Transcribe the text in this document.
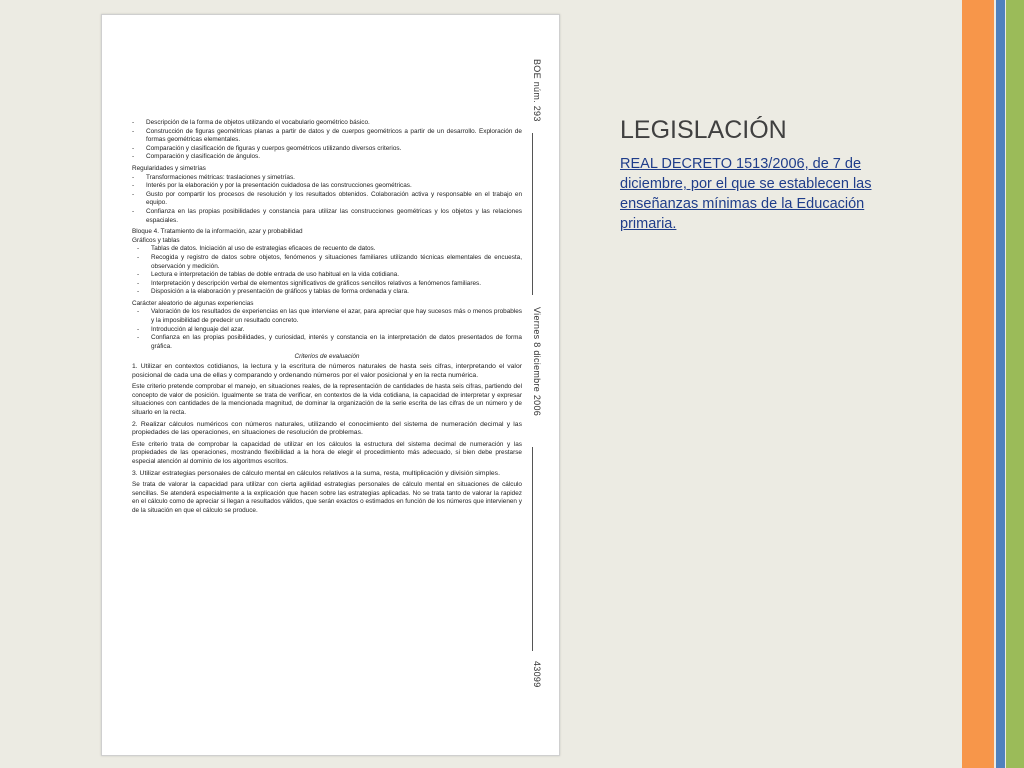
BOE núm. 293
Viernes 8 diciembre 2006
43099
- Descripción de la forma de objetos utilizando el vocabulario geométrico básico.
- Construcción de figuras geométricas planas a partir de datos y de cuerpos geométricos a partir de un desarrollo. Exploración de formas geométricas elementales.
- Comparación y clasificación de figuras y cuerpos geométricos utilizando diversos criterios.
- Comparación y clasificación de ángulos.
Regularidades y simetrías
- Transformaciones métricas: traslaciones y simetrías.
- Interés por la elaboración y por la presentación cuidadosa de las construcciones geométricas.
- Gusto por compartir los procesos de resolución y los resultados obtenidos. Colaboración activa y responsable en el trabajo en equipo.
- Confianza en las propias posibilidades y constancia para utilizar las construcciones geométricas y los objetos y las relaciones espaciales.
Bloque 4. Tratamiento de la información, azar y probabilidad
Gráficos y tablas
- Tablas de datos. Iniciación al uso de estrategias eficaces de recuento de datos.
- Recogida y registro de datos sobre objetos, fenómenos y situaciones familiares utilizando técnicas elementales de encuesta, observación y medición.
- Lectura e interpretación de tablas de doble entrada de uso habitual en la vida cotidiana.
- Interpretación y descripción verbal de elementos significativos de gráficos sencillos relativos a fenómenos familiares.
- Disposición a la elaboración y presentación de gráficos y tablas de forma ordenada y clara.
Carácter aleatorio de algunas experiencias
- Valoración de los resultados de experiencias en las que interviene el azar, para apreciar que hay sucesos más o menos probables y la imposibilidad de predecir un resultado concreto.
- Introducción al lenguaje del azar.
- Confianza en las propias posibilidades, y curiosidad, interés y constancia en la interpretación de datos presentados de forma gráfica.
Criterios de evaluación

1. Utilizar en contextos cotidianos, la lectura y la escritura de números naturales de hasta seis cifras, interpretando el valor posicional de cada una de ellas y comparando y ordenando números por el valor posicional y en la recta numérica.

Este criterio pretende comprobar el manejo, en situaciones reales, de la representación de cantidades de hasta seis cifras, partiendo del concepto de valor de posición. Igualmente se trata de verificar, en contextos de la vida cotidiana, la capacidad de interpretar y expresar situaciones con cantidades de la mencionada magnitud, de dominar la organización de la serie escrita de las cifras de un número y de situarlo en la recta.

2. Realizar cálculos numéricos con números naturales, utilizando el conocimiento del sistema de numeración decimal y las propiedades de las operaciones, en situaciones de resolución de problemas.

Este criterio trata de comprobar la capacidad de utilizar en los cálculos la estructura del sistema decimal de numeración y las propiedades de las operaciones, mostrando flexibilidad a la hora de elegir el procedimiento más adecuado, si bien debe prestarse especial atención al dominio de los algoritmos escritos.

3. Utilizar estrategias personales de cálculo mental en cálculos relativos a la suma, resta, multiplicación y división simples.

Se trata de valorar la capacidad para utilizar con cierta agilidad estrategias personales de cálculo mental en situaciones de cálculo sencillas. Se atenderá especialmente a la explicación que hacen sobre las estrategias aplicadas. No se trata tanto de valorar la rapidez en el cálculo como de apreciar si llegan a resultados válidos, que serán exactos o estimados en función de los números que intervienen y de la situación en que el cálculo se produce.

LEGISLACIÓN
REAL DECRETO 1513/2006, de 7 de diciembre, por el que se establecen las enseñanzas mínimas de la Educación primaria.
